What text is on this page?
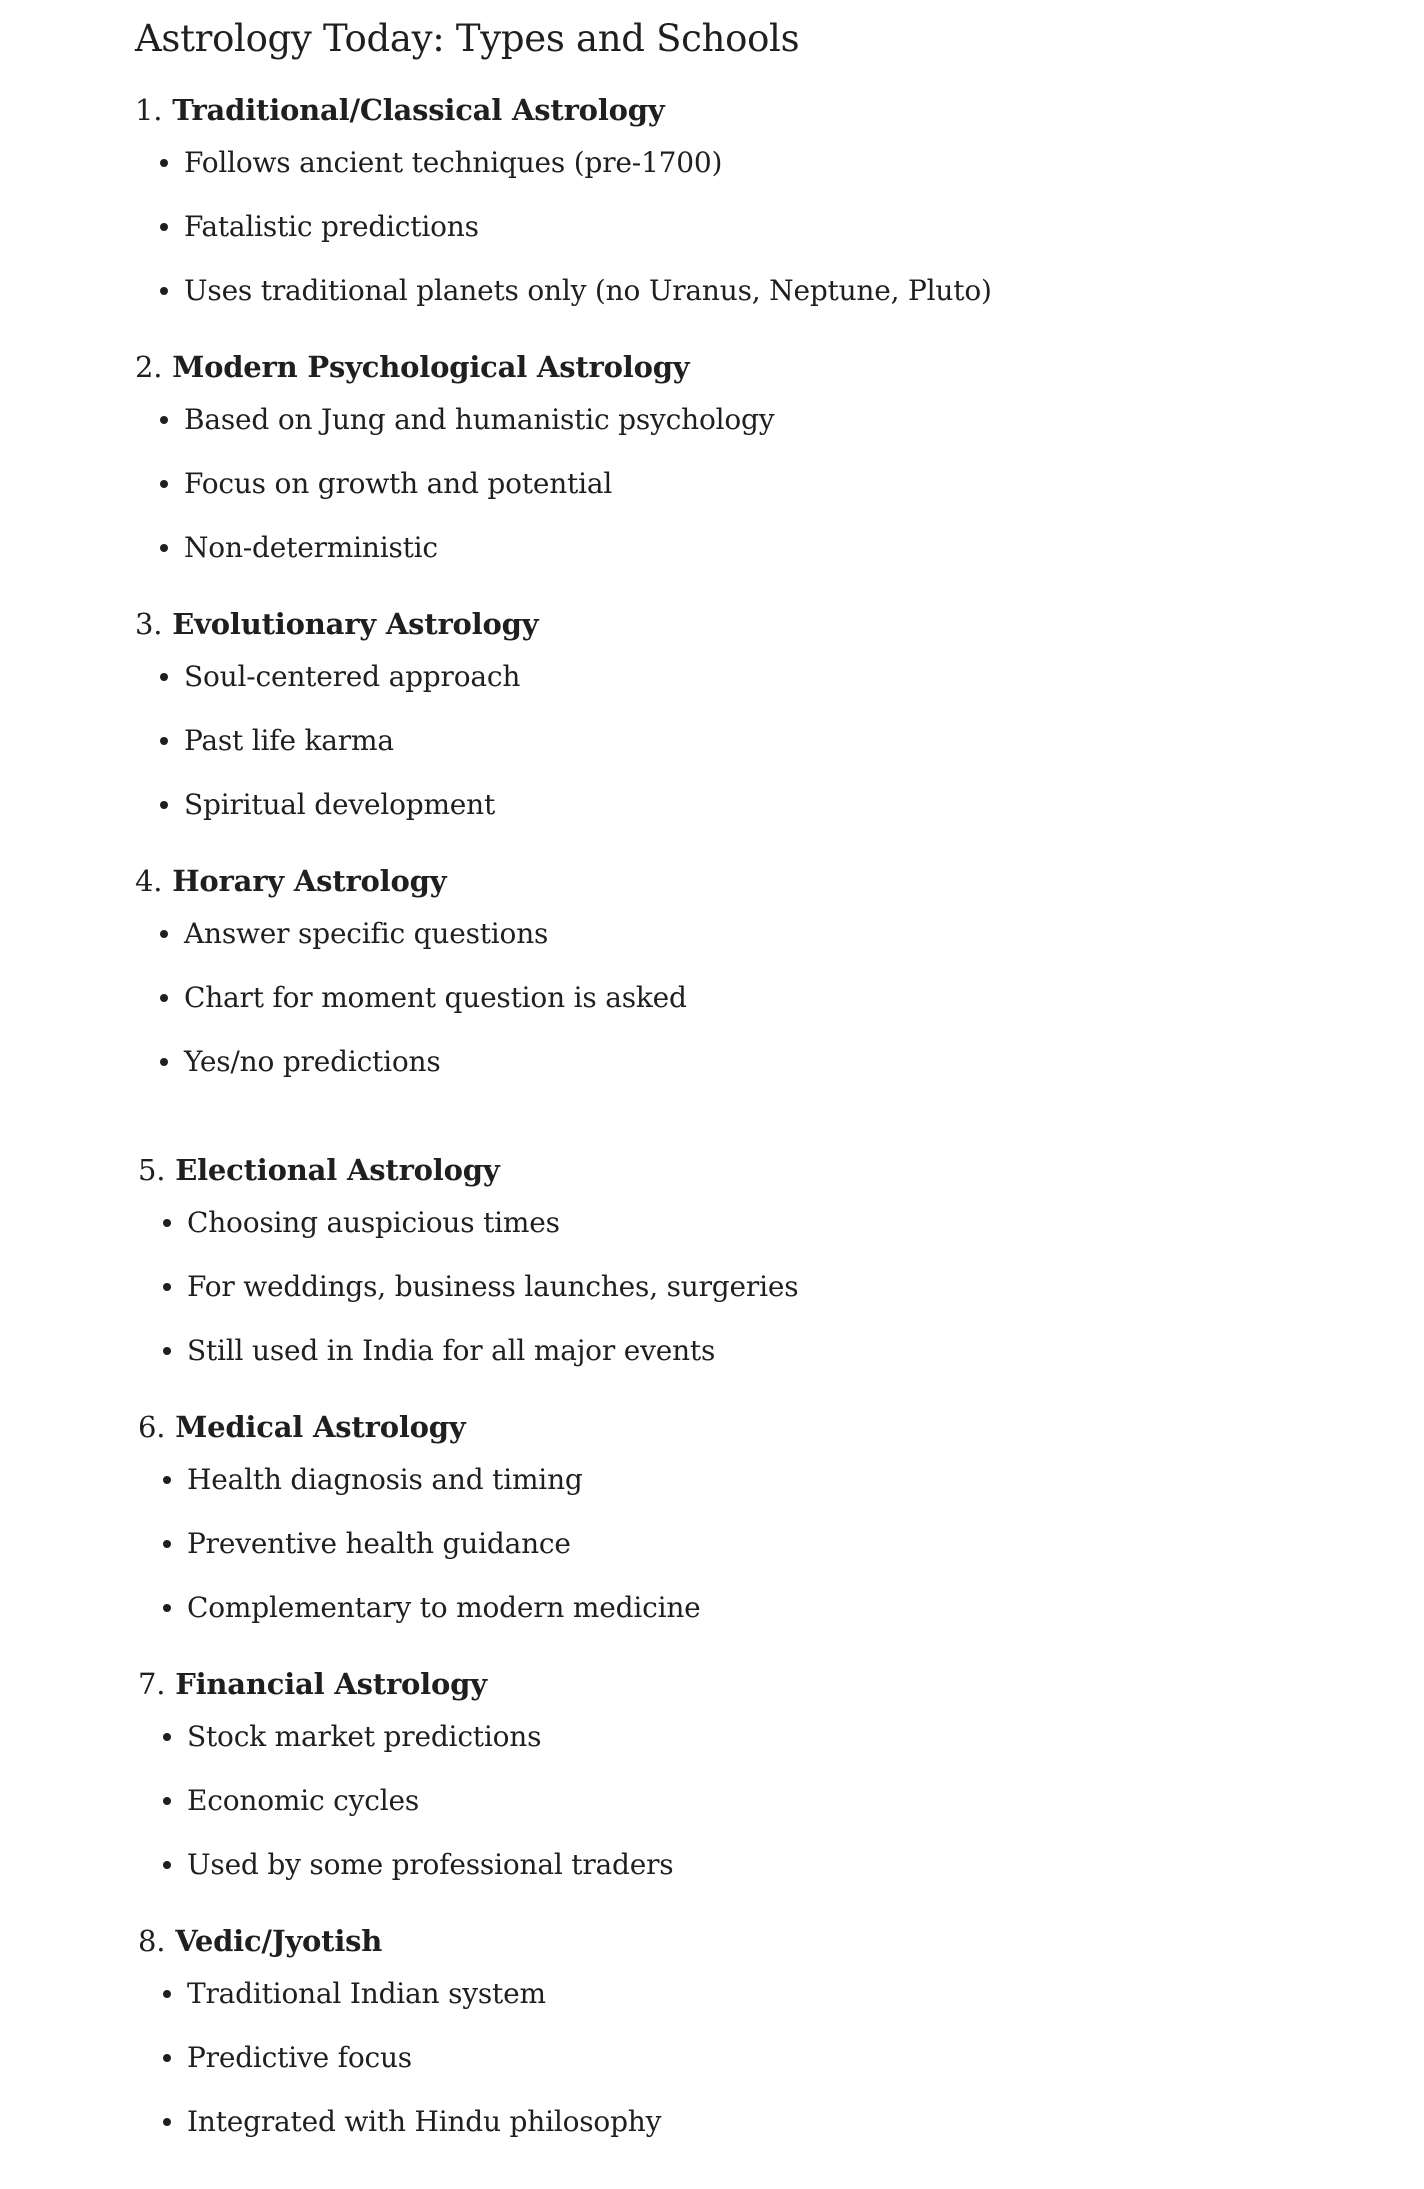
Astrology Today: Types and Schools
1. Traditional/Classical Astrology
Follows ancient techniques (pre-1700)
Fatalistic predictions
Uses traditional planets only (no Uranus, Neptune, Pluto)
2. Modern Psychological Astrology
Based on Jung and humanistic psychology
Focus on growth and potential
Non-deterministic
3. Evolutionary Astrology
Soul-centered approach
Past life karma
Spiritual development
4. Horary Astrology
Answer specific questions
Chart for moment question is asked
Yes/no predictions
5. Electional Astrology
Choosing auspicious times
For weddings, business launches, surgeries
Still used in India for all major events
6. Medical Astrology
Health diagnosis and timing
Preventive health guidance
Complementary to modern medicine
7. Financial Astrology
Stock market predictions
Economic cycles
Used by some professional traders
8. Vedic/Jyotish
Traditional Indian system
Predictive focus
Integrated with Hindu philosophy
